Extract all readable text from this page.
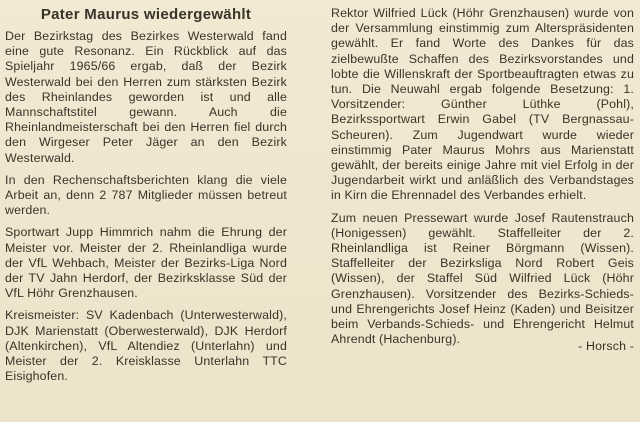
Pater Maurus wiedergewählt

Der Bezirkstag des Bezirkes Westerwald fand eine gute Resonanz. Ein Rückblick auf das Spieljahr 1965/66 ergab, daß der Bezirk Westerwald bei den Herren zum stärksten Bezirk des Rheinlandes geworden ist und alle Mannschaftstitel gewann. Auch die Rheinlandmeisterschaft bei den Herren fiel durch den Wirgeser Peter Jäger an den Bezirk Westerwald.

In den Rechenschaftsberichten klang die viele Arbeit an, denn 2 787 Mitglieder müssen betreut werden.

Sportwart Jupp Himmrich nahm die Ehrung der Meister vor. Meister der 2. Rheinlandliga wurde der VfL Wehbach, Meister der Bezirks-Liga Nord der TV Jahn Herdorf, der Bezirksklasse Süd der VfL Höhr Grenzhausen.

Kreismeister: SV Kadenbach (Unterwesterwald), DJK Marienstatt (Oberwesterwald), DJK Herdorf (Altenkirchen), VfL Altendiez (Unterlahn) und Meister der 2. Kreisklasse Unterlahn TTC Eisighofen.

Rektor Wilfried Lück (Höhr Grenzhausen) wurde von der Versammlung einstimmig zum Alterspräsidenten gewählt. Er fand Worte des Dankes für das zielbewußte Schaffen des Bezirksvorstandes und lobte die Willenskraft der Sportbeauftragten etwas zu tun. Die Neuwahl ergab folgende Besetzung: 1. Vorsitzender: Günther Lüthke (Pohl), Bezirkssportwart Erwin Gabel (TV Bergnassau-Scheuren). Zum Jugendwart wurde wieder einstimmig Pater Maurus Mohrs aus Marienstatt gewählt, der bereits einige Jahre mit viel Erfolg in der Jugendarbeit wirkt und anläßlich des Verbandstages in Kirn die Ehrennadel des Verbandes erhielt.

Zum neuen Pressewart wurde Josef Rautenstrauch (Honigessen) gewählt. Staffelleiter der 2. Rheinlandliga ist Reiner Börgmann (Wissen). Staffelleiter der Bezirksliga Nord Robert Geis (Wissen), der Staffel Süd Wilfried Lück (Höhr Grenzhausen). Vorsitzender des Bezirks-Schieds- und Ehrengerichts Josef Heinz (Kaden) und Beisitzer beim Verbands-Schieds- und Ehrengericht Helmut Ahrendt (Hachenburg).

- Horsch -
